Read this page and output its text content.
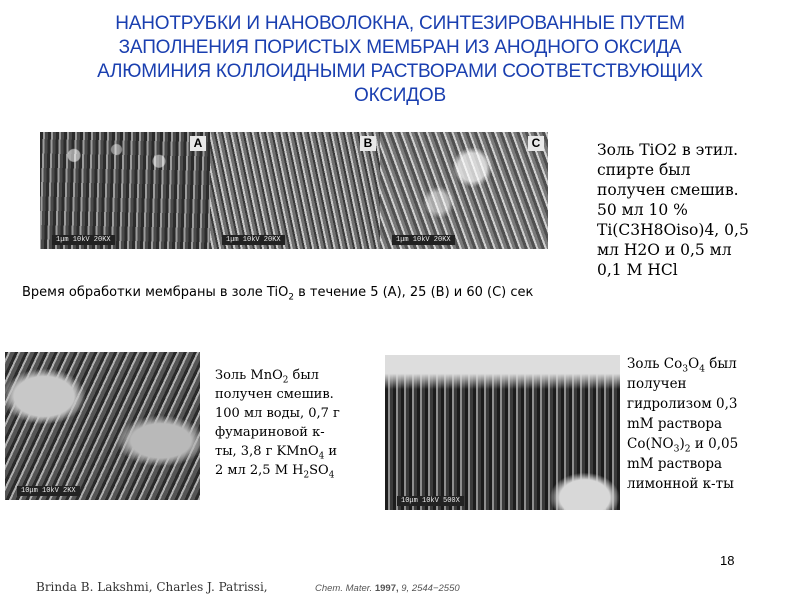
НАНОТРУБКИ И НАНОВОЛОКНА, СИНТЕЗИРОВАННЫЕ ПУТЕМ
ЗАПОЛНЕНИЯ ПОРИСТЫХ МЕМБРАН ИЗ АНОДНОГО ОКСИДА
АЛЮМИНИЯ КОЛЛОИДНЫМИ РАСТВОРАМИ СООТВЕТСТВУЮЩИХ
ОКСИДОВ
A
1μm 10kV 20KX
B
1μm 10kV 20KX
C
1μm 10kV 20KX
Время обработки мембраны в золе TiO$_2$ в течение 5 (A), 25 (B) и 60 (C) сек
Золь TiO2 в этил.
спирте был
получен смешив.
50 мл 10 %
Ti(C3H8Oiso)4, 0,5
мл H2O и 0,5 мл
0,1 M HCl
10μm 10kV 2KX
Золь MnO$_2$ был
получен смешив.
100 мл воды, 0,7 г
фумариновой к-
ты, 3,8 г KMnO$_4$ и
2 мл 2,5 M $H_2SO_4$
10μm 10kV 500X
Золь $Co_3O_4$ был
получен
гидролизом 0,3
mM раствора
$Co(NO_3)_2$ и 0,05
mM раствора
лимонной к-ты
18
Brinda B. Lakshmi, Charles J. Patrissi,	Chem. Mater. 1997, 9, 2544−2550
